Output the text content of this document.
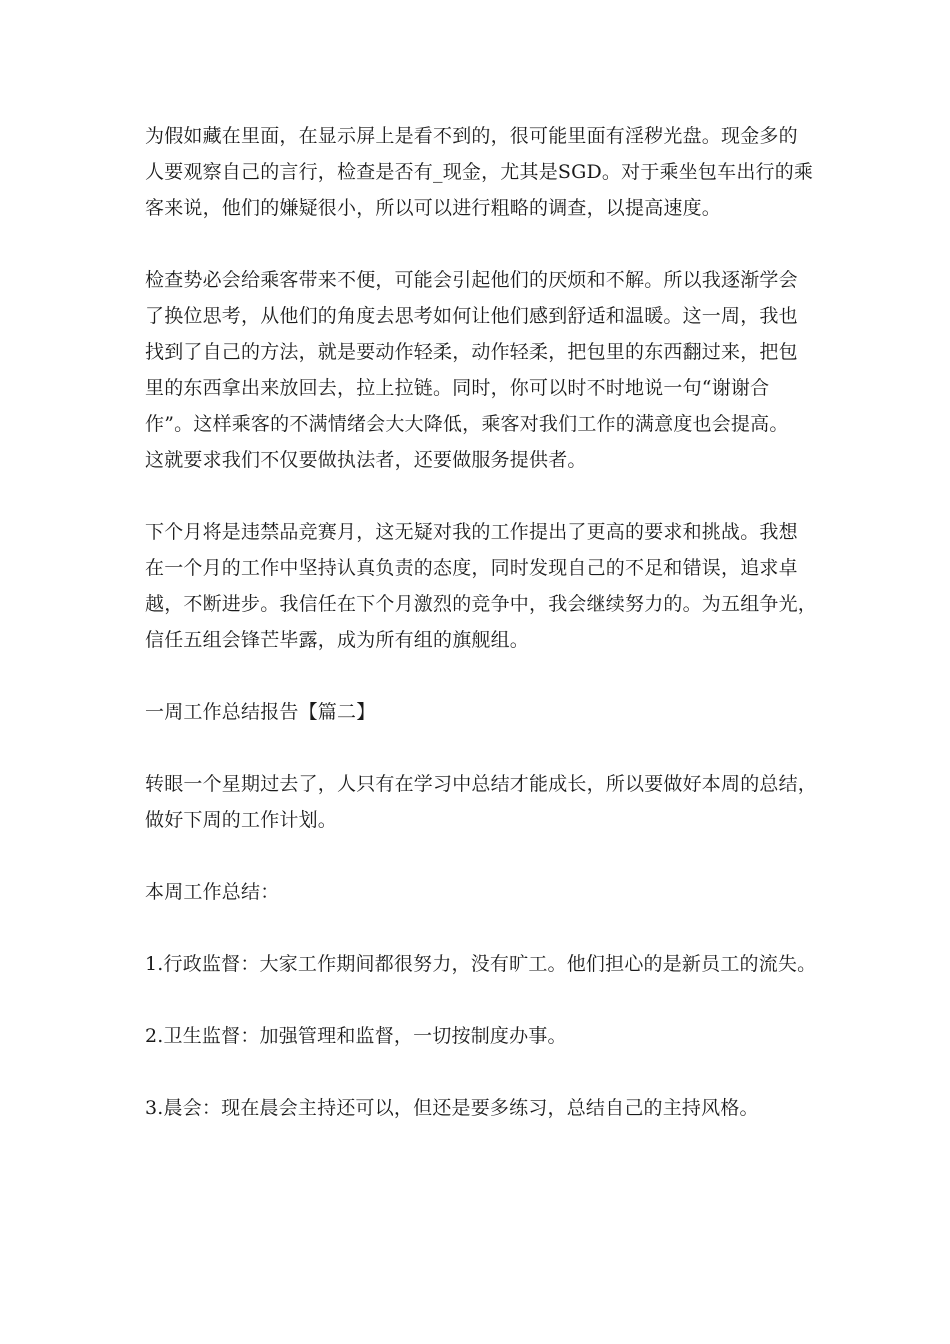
为假如藏在里面，在显示屏上是看不到的，很可能里面有淫秽光盘。现金多的
人要观察自己的言行，检查是否有_现金，尤其是SGD。对于乘坐包车出行的乘
客来说，他们的嫌疑很小，所以可以进行粗略的调查，以提高速度。
检查势必会给乘客带来不便，可能会引起他们的厌烦和不解。所以我逐渐学会
了换位思考，从他们的角度去思考如何让他们感到舒适和温暖。这一周，我也
找到了自己的方法，就是要动作轻柔，动作轻柔，把包里的东西翻过来，把包
里的东西拿出来放回去，拉上拉链。同时，你可以时不时地说一句“谢谢合
作”。这样乘客的不满情绪会大大降低，乘客对我们工作的满意度也会提高。
这就要求我们不仅要做执法者，还要做服务提供者。
下个月将是违禁品竞赛月，这无疑对我的工作提出了更高的要求和挑战。我想
在一个月的工作中坚持认真负责的态度，同时发现自己的不足和错误，追求卓
越，不断进步。我信任在下个月激烈的竞争中，我会继续努力的。为五组争光，
信任五组会锋芒毕露，成为所有组的旗舰组。
一周工作总结报告【篇二】
转眼一个星期过去了，人只有在学习中总结才能成长，所以要做好本周的总结，
做好下周的工作计划。
本周工作总结：
1.行政监督：大家工作期间都很努力，没有旷工。他们担心的是新员工的流失。
2.卫生监督：加强管理和监督，一切按制度办事。
3.晨会：现在晨会主持还可以，但还是要多练习，总结自己的主持风格。
